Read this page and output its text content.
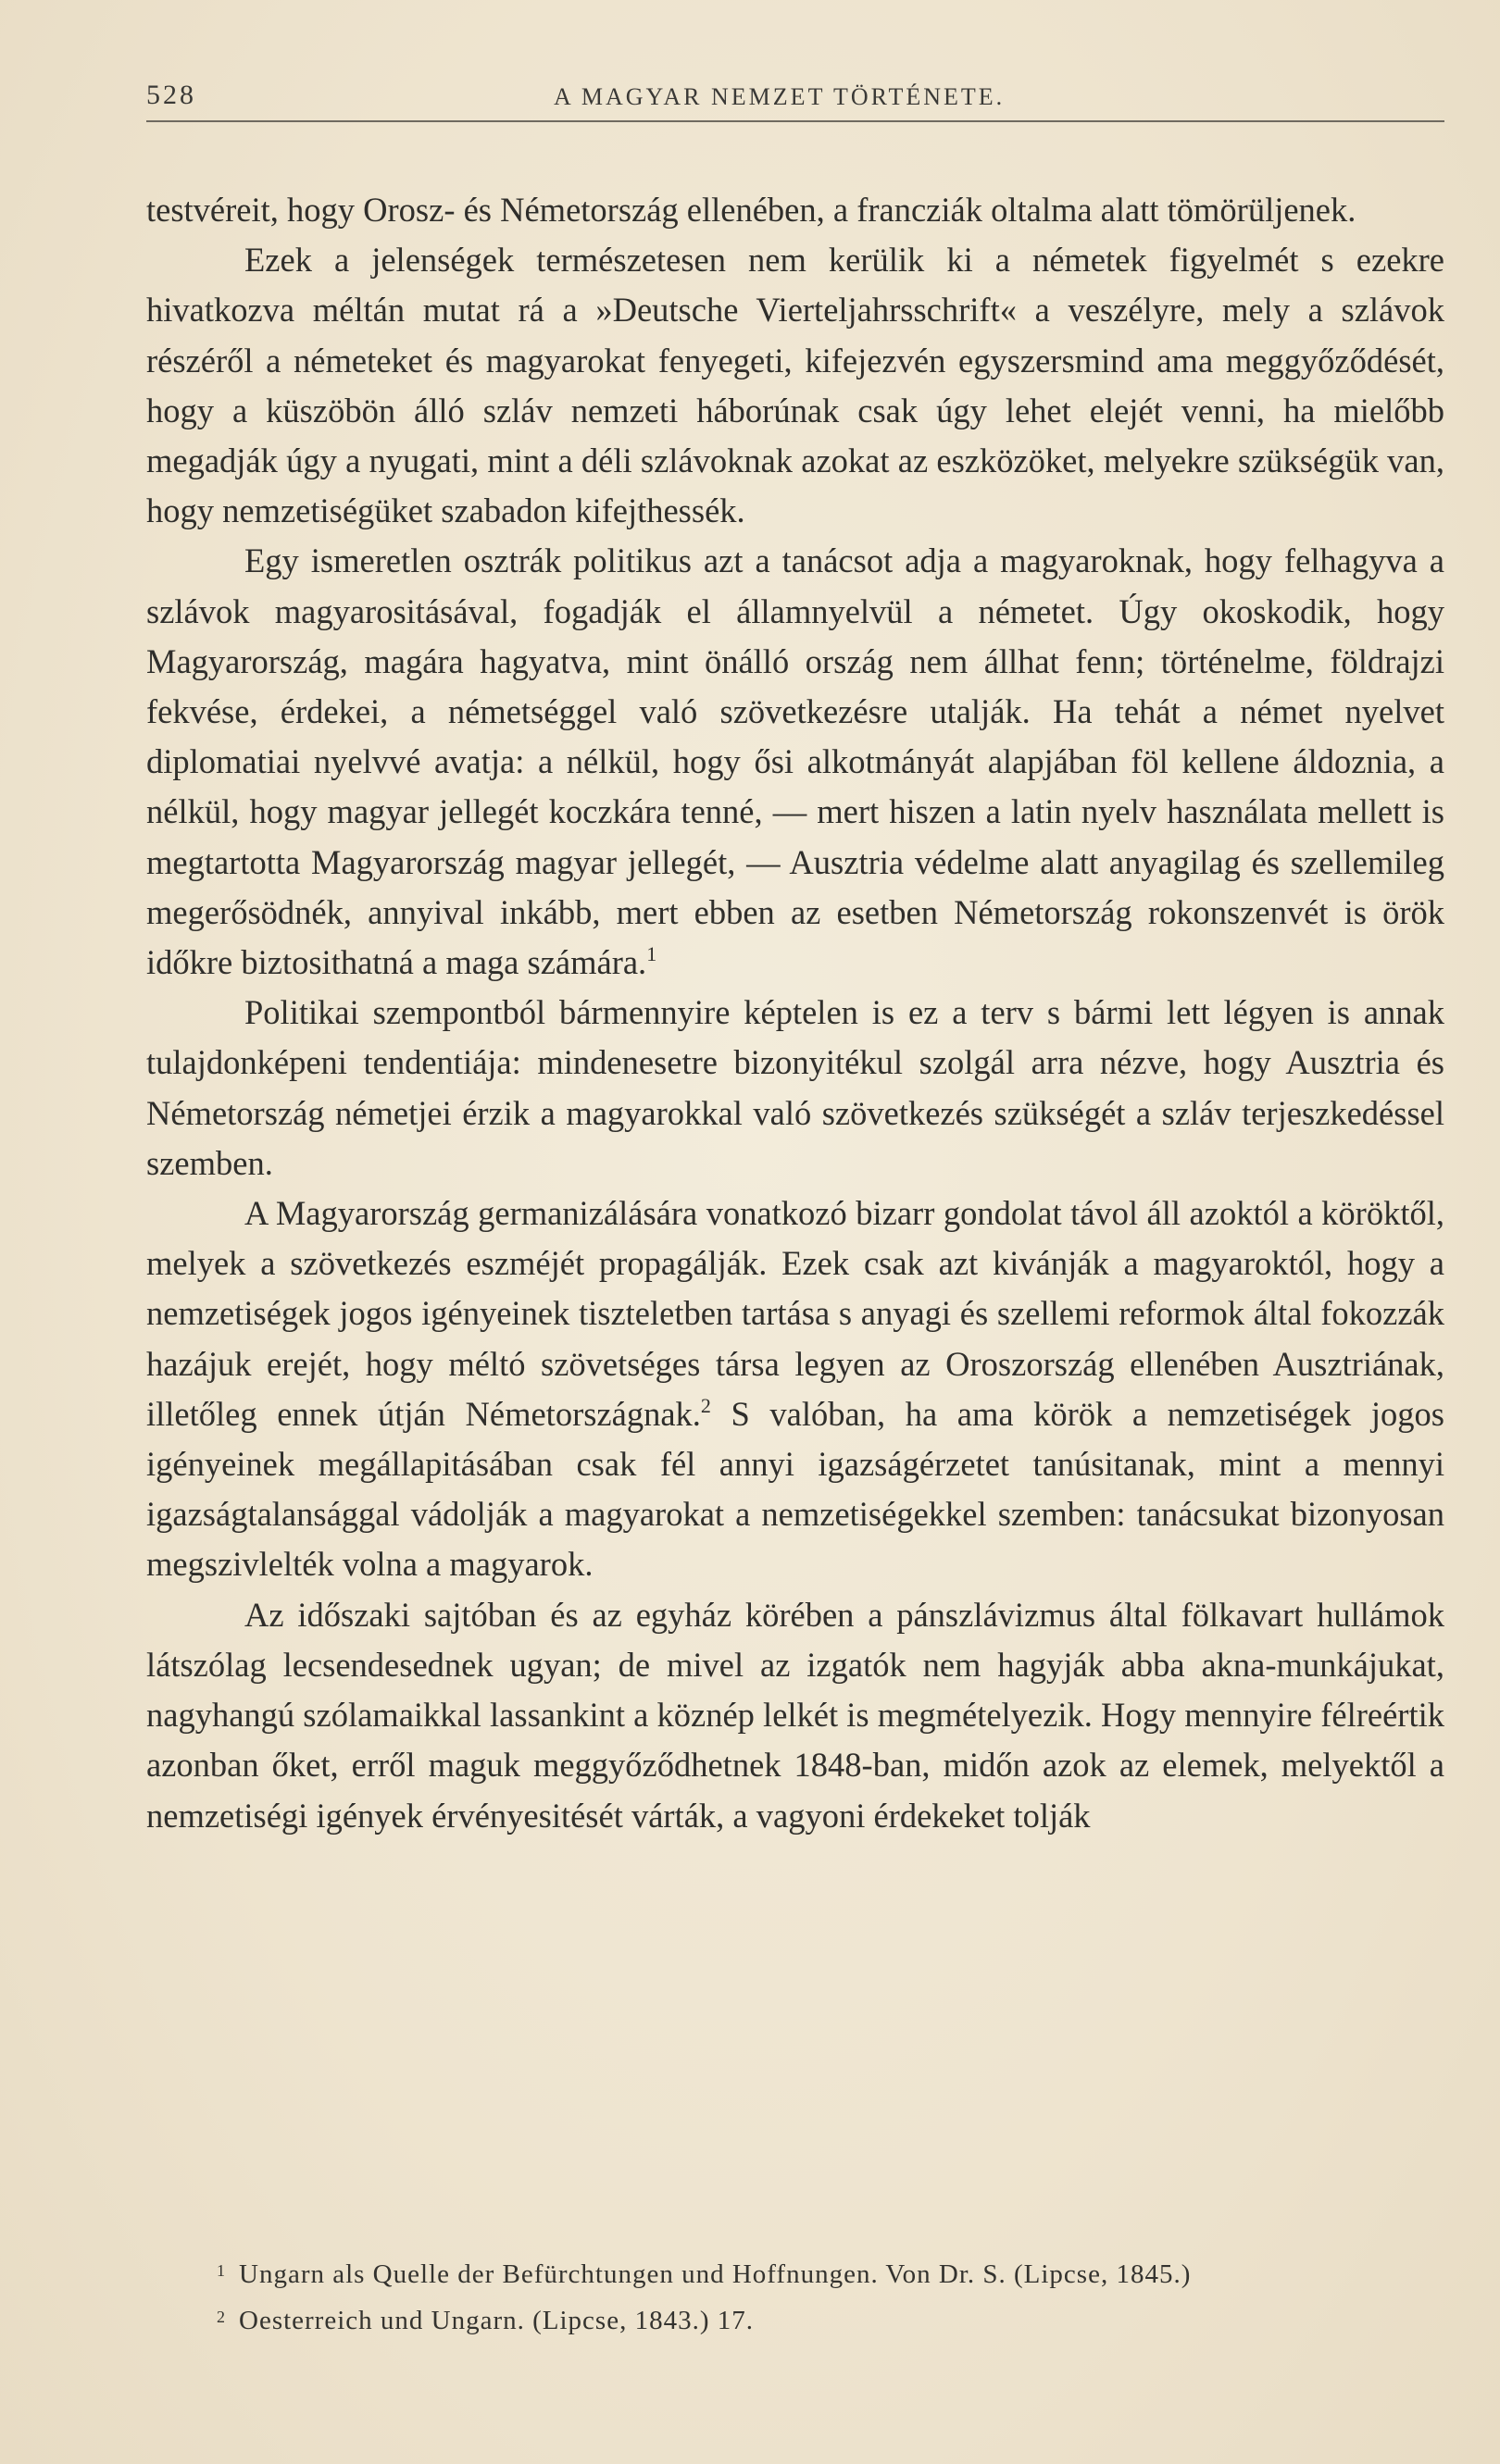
528	A MAGYAR NEMZET TÖRTÉNETE.

testvéreit, hogy Orosz- és Németország ellenében, a francziák oltalma alatt tömörüljenek.

Ezek a jelenségek természetesen nem kerülik ki a németek figyelmét s ezekre hivatkozva méltán mutat rá a »Deutsche Vierteljahrsschrift« a veszélyre, mely a szlávok részéről a németeket és magyarokat fenyegeti, kifejezvén egyszersmind ama meggyőződését, hogy a küszöbön álló szláv nemzeti háborúnak csak úgy lehet elejét venni, ha mielőbb megadják úgy a nyugati, mint a déli szlávoknak azokat az eszközöket, melyekre szükségük van, hogy nemzetiségüket szabadon kifejthessék.

Egy ismeretlen osztrák politikus azt a tanácsot adja a magyaroknak, hogy felhagyva a szlávok magyarositásával, fogadják el államnyelvül a németet. Úgy okoskodik, hogy Magyarország, magára hagyatva, mint önálló ország nem állhat fenn; történelme, földrajzi fekvése, érdekei, a németséggel való szövetkezésre utalják. Ha tehát a német nyelvet diplomatiai nyelvvé avatja: a nélkül, hogy ősi alkotmányát alapjában föl kellene áldoznia, a nélkül, hogy magyar jellegét koczkára tenné, — mert hiszen a latin nyelv használata mellett is megtartotta Magyarország magyar jellegét, — Ausztria védelme alatt anyagilag és szellemileg megerősödnék, annyival inkább, mert ebben az esetben Németország rokonszenvét is örök időkre biztosithatná a maga számára.$^1$

Politikai szempontból bármennyire képtelen is ez a terv s bármi lett légyen is annak tulajdonképeni tendentiája: mindenesetre bizonyitékul szolgál arra nézve, hogy Ausztria és Németország németjei érzik a magyarokkal való szövetkezés szükségét a szláv terjeszkedéssel szemben.

A Magyarország germanizálására vonatkozó bizarr gondolat távol áll azoktól a köröktől, melyek a szövetkezés eszméjét propagálják. Ezek csak azt kivánják a magyaroktól, hogy a nemzetiségek jogos igényeinek tiszteletben tartása s anyagi és szellemi reformok által fokozzák hazájuk erejét, hogy méltó szövetséges társa legyen az Oroszország ellenében Ausztriának, illetőleg ennek útján Németországnak.$^2$ S valóban, ha ama körök a nemzetiségek jogos igényeinek megállapitásában csak fél annyi igazságérzetet tanúsitanak, mint a mennyi igazságtalansággal vádolják a magyarokat a nemzetiségekkel szemben: tanácsukat bizonyosan megszivlelték volna a magyarok.

Az időszaki sajtóban és az egyház körében a pánszlávizmus által fölkavart hullámok látszólag lecsendesednek ugyan; de mivel az izgatók nem hagyják abba akna-munkájukat, nagyhangú szólamaikkal lassankint a köznép lelkét is megmételyezik. Hogy mennyire félreértik azonban őket, erről maguk meggyőződhetnek 1848-ban, midőn azok az elemek, melyektől a nemzetiségi igények érvényesitését várták, a vagyoni érdekeket tolják

1 Ungarn als Quelle der Befürchtungen und Hoffnungen. Von Dr. S. (Lipcse, 1845.)

2 Oesterreich und Ungarn. (Lipcse, 1843.) 17.
